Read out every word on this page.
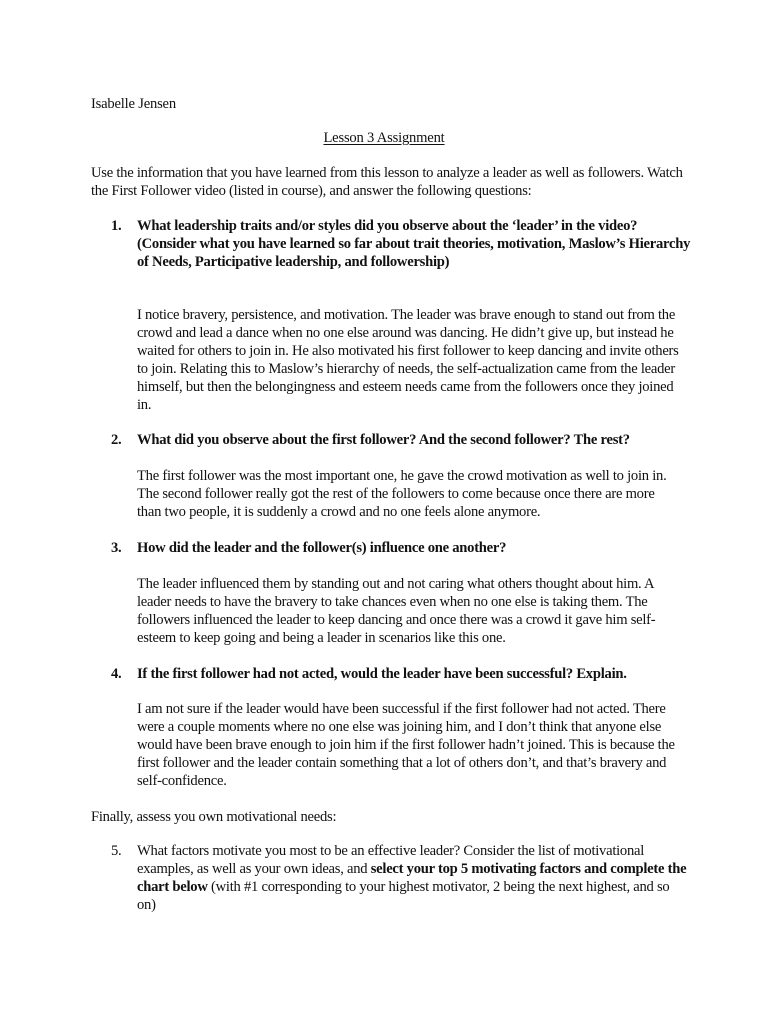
Isabelle Jensen

Lesson 3 Assignment

Use the information that you have learned from this lesson to analyze a leader as well as followers. Watch the First Follower video (listed in course), and answer the following questions:

1. What leadership traits and/or styles did you observe about the ‘leader’ in the video?
(Consider what you have learned so far about trait theories, motivation, Maslow’s Hierarchy of Needs, Participative leadership, and followership)

I notice bravery, persistence, and motivation. The leader was brave enough to stand out from the crowd and lead a dance when no one else around was dancing. He didn’t give up, but instead he waited for others to join in. He also motivated his first follower to keep dancing and invite others to join. Relating this to Maslow’s hierarchy of needs, the self-actualization came from the leader himself, but then the belongingness and esteem needs came from the followers once they joined in.

2. What did you observe about the first follower? And the second follower? The rest?

The first follower was the most important one, he gave the crowd motivation as well to join in. The second follower really got the rest of the followers to come because once there are more than two people, it is suddenly a crowd and no one feels alone anymore.

3. How did the leader and the follower(s) influence one another?

The leader influenced them by standing out and not caring what others thought about him. A leader needs to have the bravery to take chances even when no one else is taking them. The followers influenced the leader to keep dancing and once there was a crowd it gave him self-esteem to keep going and being a leader in scenarios like this one.

4. If the first follower had not acted, would the leader have been successful? Explain.

I am not sure if the leader would have been successful if the first follower had not acted. There were a couple moments where no one else was joining him, and I don’t think that anyone else would have been brave enough to join him if the first follower hadn’t joined. This is because the first follower and the leader contain something that a lot of others don’t, and that’s bravery and self-confidence.

Finally, assess you own motivational needs:

5. What factors motivate you most to be an effective leader? Consider the list of motivational examples, as well as your own ideas, and select your top 5 motivating factors and complete the chart below (with #1 corresponding to your highest motivator, 2 being the next highest, and so on)
